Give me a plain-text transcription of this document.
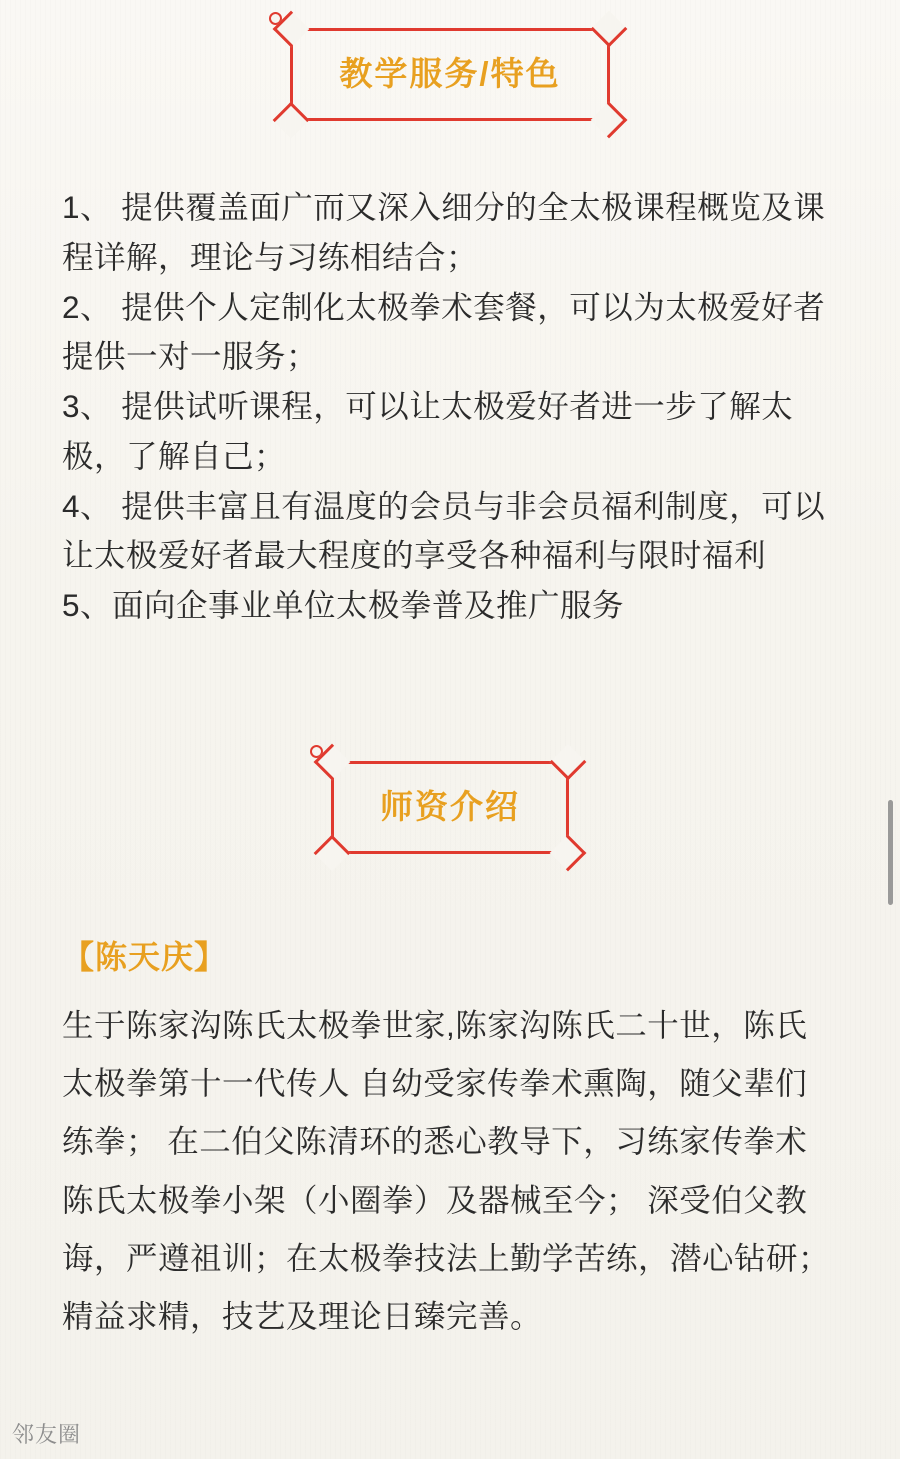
教学服务/特色

1、 提供覆盖面广而又深入细分的全太极课程概览及课程详解，理论与习练相结合；

2、 提供个人定制化太极拳术套餐，可以为太极爱好者提供一对一服务；

3、 提供试听课程，可以让太极爱好者进一步了解太极，了解自己；

4、 提供丰富且有温度的会员与非会员福利制度，可以让太极爱好者最大程度的享受各种福利与限时福利

5、面向企事业单位太极拳普及推广服务

师资介绍
【陈天庆】
生于陈家沟陈氏太极拳世家,陈家沟陈氏二十世，陈氏太极拳第十一代传人 自幼受家传拳术熏陶，随父辈们练拳； 在二伯父陈清环的悉心教导下，习练家传拳术陈氏太极拳小架（小圈拳）及器械至今； 深受伯父教诲，严遵祖训；在太极拳技法上勤学苦练，潜心钻研； 精益求精，技艺及理论日臻完善。
邻友圈
